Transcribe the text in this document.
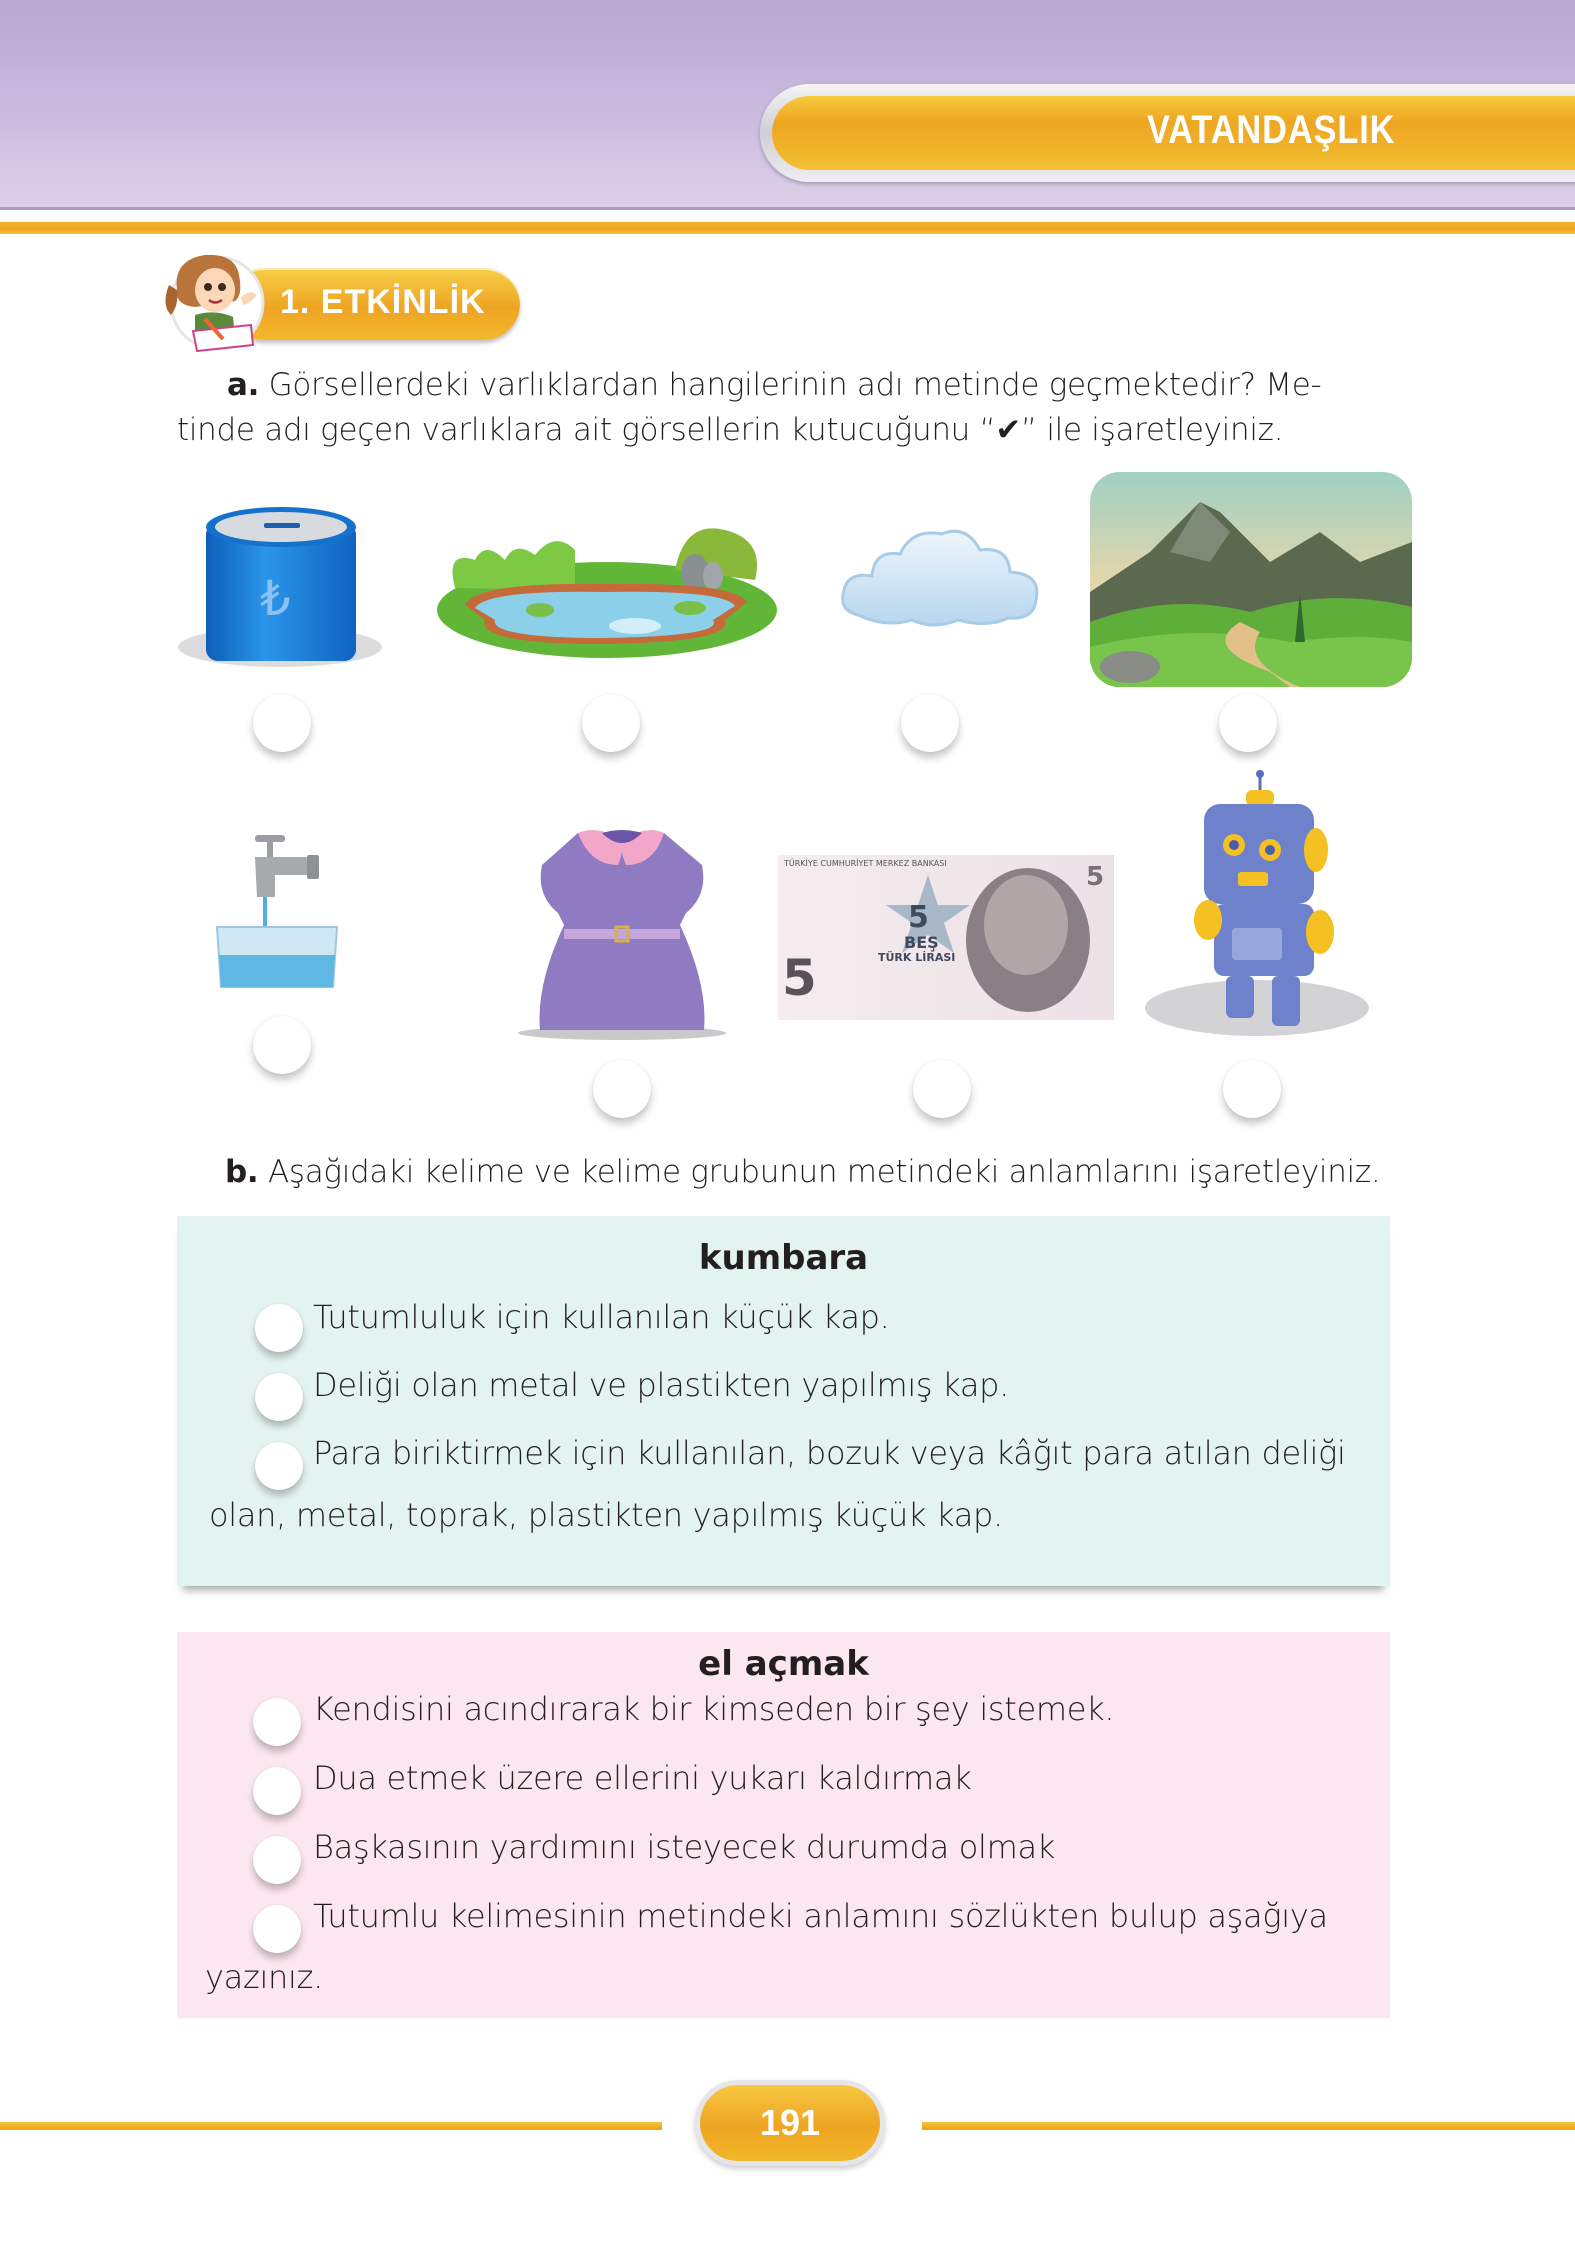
VATANDAŞLIK
1. ETKİNLİK
a. Görsellerdeki varlıklardan hangilerinin adı metinde geçmektedir? Me-
tinde adı geçen varlıklara ait görsellerin kutucuğunu “✔” ile işaretleyiniz.
₺
5
5
TÜRKİYE CUMHURİYET MERKEZ BANKASI
5
BEŞ
TÜRK LİRASI
b. Aşağıdaki kelime ve kelime grubunun metindeki anlamlarını işaretleyiniz.
kumbara
Tutumluluk için kullanılan küçük kap.
Deliği olan metal ve plastikten yapılmış kap.
Para biriktirmek için kullanılan, bozuk veya kâğıt para atılan deliği
olan, metal, toprak, plastikten yapılmış küçük kap.
el açmak
Kendisini acındırarak bir kimseden bir şey istemek.
Dua etmek üzere ellerini yukarı kaldırmak
Başkasının yardımını isteyecek durumda olmak
Tutumlu kelimesinin metindeki anlamını sözlükten bulup aşağıya
yazınız.
191
